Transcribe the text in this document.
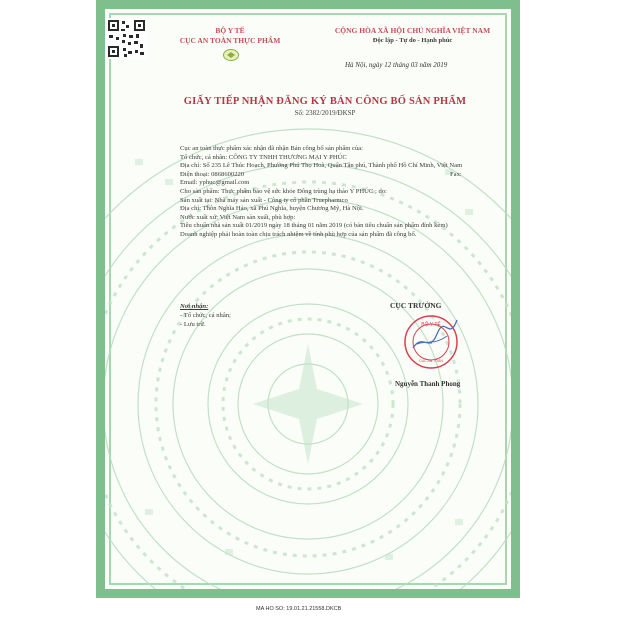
BỘ Y TẾ
CỤC AN TOÀN THỰC PHẨM
CỘNG HÒA XÃ HỘI CHỦ NGHĨA VIỆT NAM
Độc lập - Tự do - Hạnh phúc
Hà Nội, ngày 12 tháng 03 năm 2019
GIẤY TIẾP NHẬN ĐĂNG KÝ BẢN CÔNG BỐ SẢN PHẨM
Số: 2382/2019/ĐKSP

Cục an toàn thực phẩm xác nhận đã nhận Bản công bố sản phẩm của:

Tổ chức, cá nhân: CÔNG TY TNHH THƯƠNG MẠI Y PHÚC

Địa chỉ: Số 235 Lê Thúc Hoạch, Phường Phú Thọ Hoà, Quận Tân phú, Thành phố Hồ Chí Minh, Việt Nam

Điện thoại: 0868600220	Fax:

Email: yphuc@gmail.com

Cho sản phẩm: Thực phẩm bảo vệ sức khỏe Đông trùng hạ thảo Y PHÚC ; do:

Sản xuất tại: Nhà máy sản xuất - Công ty cổ phần Truepharmco

Địa chỉ: Thôn Nghĩa Hảo, xã Phú Nghĩa, huyện Chương Mỹ, Hà Nội.

Nước xuất xứ: Việt Nam sản xuất, phù hợp:

Tiêu chuẩn nhà sản xuất 01/2019 ngày 18 tháng 01 năm 2019 (có bản tiêu chuẩn sản phẩm đính kèm)

Doanh nghiệp phải hoàn toàn chịu trách nhiệm về tính phù hợp của sản phẩm đã công bố.

Nơi nhận:
- Tổ chức, cá nhân;
- Lưu trữ.
CỤC TRƯỞNG
BỘ Y TẾ
★
CỤC AN TOÀN
Nguyễn Thanh Phong
MA HO SO: 19.01.21.21558.DKCB
